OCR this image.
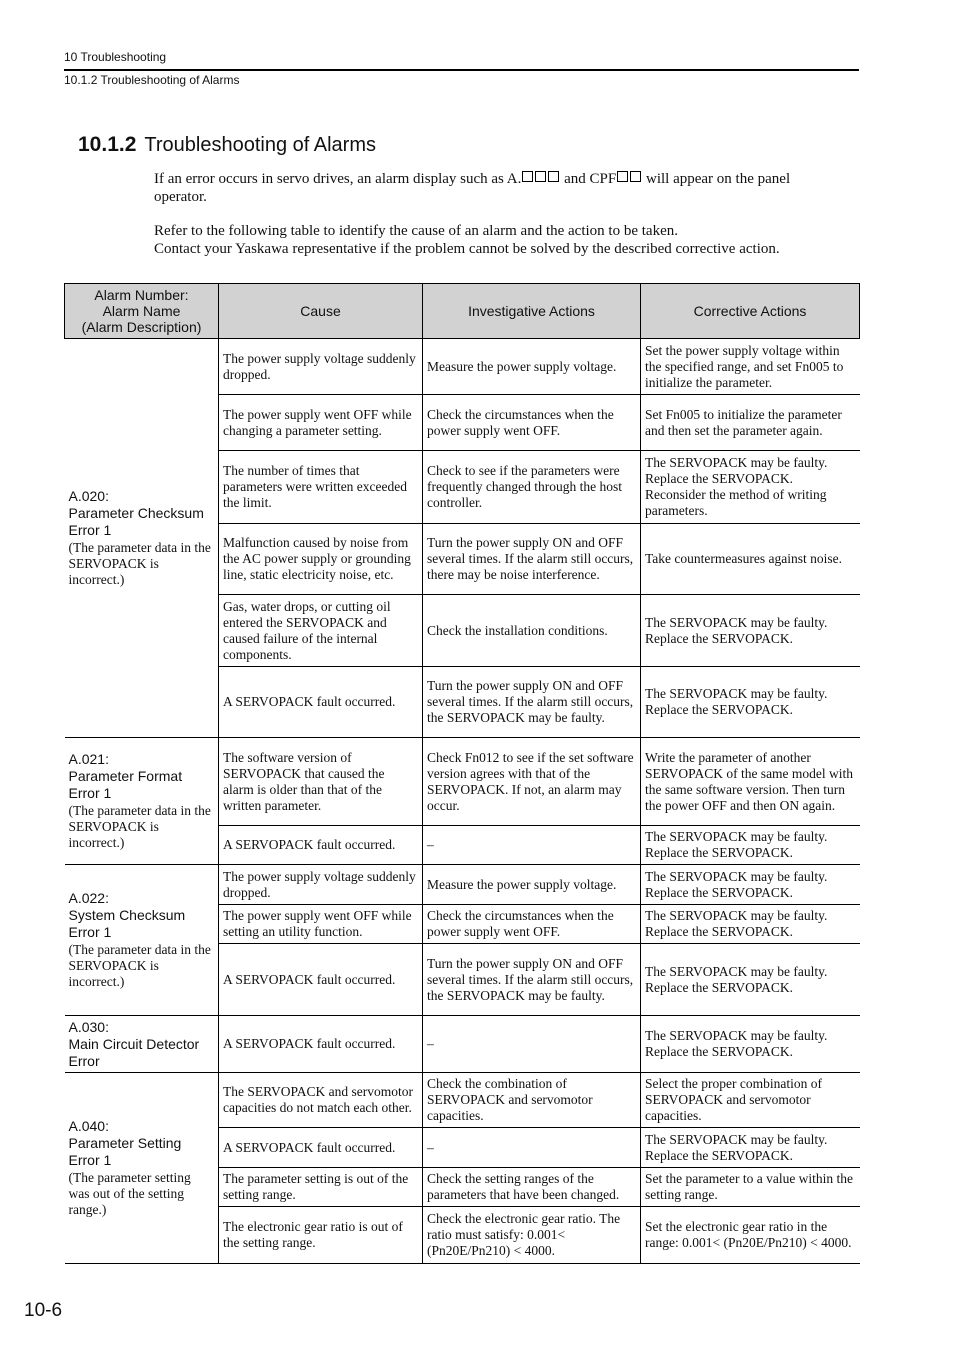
10 Troubleshooting
10.1.2 Troubleshooting of Alarms
10.1.2 Troubleshooting of Alarms
If an error occurs in servo drives, an alarm display such as A.	and CPF will appear on the panel operator.
Refer to the following table to identify the cause of an alarm and the action to be taken.
Contact your Yaskawa representative if the problem cannot be solved by the described corrective action.
Alarm Number:
Alarm Name
(Alarm Description)	Cause	Investigative Actions	Corrective Actions

A.020:
Parameter Checksum Error 1
(The parameter data in the SERVOPACK is incorrect.)	The power supply voltage suddenly dropped.	Measure the power supply voltage.	Set the power supply voltage within the specified range, and set Fn005 to initialize the parameter.
	The power supply went OFF while changing a parameter setting.	Check the circumstances when the power supply went OFF.	Set Fn005 to initialize the parameter and then set the parameter again.
	The number of times that parameters were written exceeded the limit.	Check to see if the parameters were frequently changed through the host controller.	The SERVOPACK may be faulty. Replace the SERVOPACK. Reconsider the method of writing parameters.
	Malfunction caused by noise from the AC power supply or grounding line, static electricity noise, etc.	Turn the power supply ON and OFF several times. If the alarm still occurs, there may be noise interference.	Take countermeasures against noise.
	Gas, water drops, or cutting oil entered the SERVOPACK and caused failure of the internal components.	Check the installation conditions.	The SERVOPACK may be faulty. Replace the SERVOPACK.
	A SERVOPACK fault occurred.	Turn the power supply ON and OFF several times. If the alarm still occurs, the SERVOPACK may be faulty.	The SERVOPACK may be faulty. Replace the SERVOPACK.

A.021:
Parameter Format Error 1
(The parameter data in the SERVOPACK is incorrect.)	The software version of SERVOPACK that caused the alarm is older than that of the written parameter.	Check Fn012 to see if the set software version agrees with that of the SERVOPACK. If not, an alarm may occur.	Write the parameter of another SERVOPACK of the same model with the same software version. Then turn the power OFF and then ON again.
	A SERVOPACK fault occurred.	–	The SERVOPACK may be faulty. Replace the SERVOPACK.

A.022:
System Checksum Error 1
(The parameter data in the SERVOPACK is incorrect.)	The power supply voltage suddenly dropped.	Measure the power supply voltage.	The SERVOPACK may be faulty. Replace the SERVOPACK.
	The power supply went OFF while setting an utility function.	Check the circumstances when the power supply went OFF.	The SERVOPACK may be faulty. Replace the SERVOPACK.
	A SERVOPACK fault occurred.	Turn the power supply ON and OFF several times. If the alarm still occurs, the SERVOPACK may be faulty.	The SERVOPACK may be faulty. Replace the SERVOPACK.

A.030:
Main Circuit Detector Error	A SERVOPACK fault occurred.	–	The SERVOPACK may be faulty. Replace the SERVOPACK.

A.040:
Parameter Setting Error 1
(The parameter setting was out of the setting range.)	The SERVOPACK and servomotor capacities do not match each other.	Check the combination of SERVOPACK and servomotor capacities.	Select the proper combination of SERVOPACK and servomotor capacities.
	A SERVOPACK fault occurred.	–	The SERVOPACK may be faulty. Replace the SERVOPACK.
	The parameter setting is out of the setting range.	Check the setting ranges of the parameters that have been changed.	Set the parameter to a value within the setting range.
	The electronic gear ratio is out of the setting range.	Check the electronic gear ratio. The ratio must satisfy: 0.001< (Pn20E/Pn210) < 4000.	Set the electronic gear ratio in the range: 0.001< (Pn20E/Pn210) < 4000.
10-6
